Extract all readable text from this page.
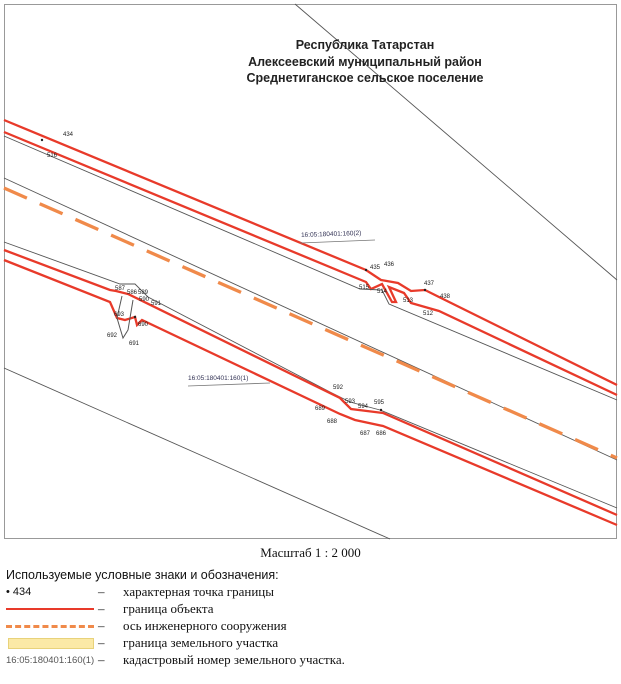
Республика Татарстан
Алексеевский муниципальный район
Среднетиганское сельское поселение
16:05:180401:160(2)
16:05:180401:160(1)
434
516
436
435
437
438
515
514
513
512
587
586 589
590
591
693
690
692
691
592
593
594
595
689
688
687 686
Масштаб 1 : 2 000
Используемые условные знаки и обозначения:
• 434	– характерная точка границы
– граница объекта
– ось инженерного сооружения
– граница земельного участка
16:05:180401:160(1) – кадастровый номер земельного участка.
